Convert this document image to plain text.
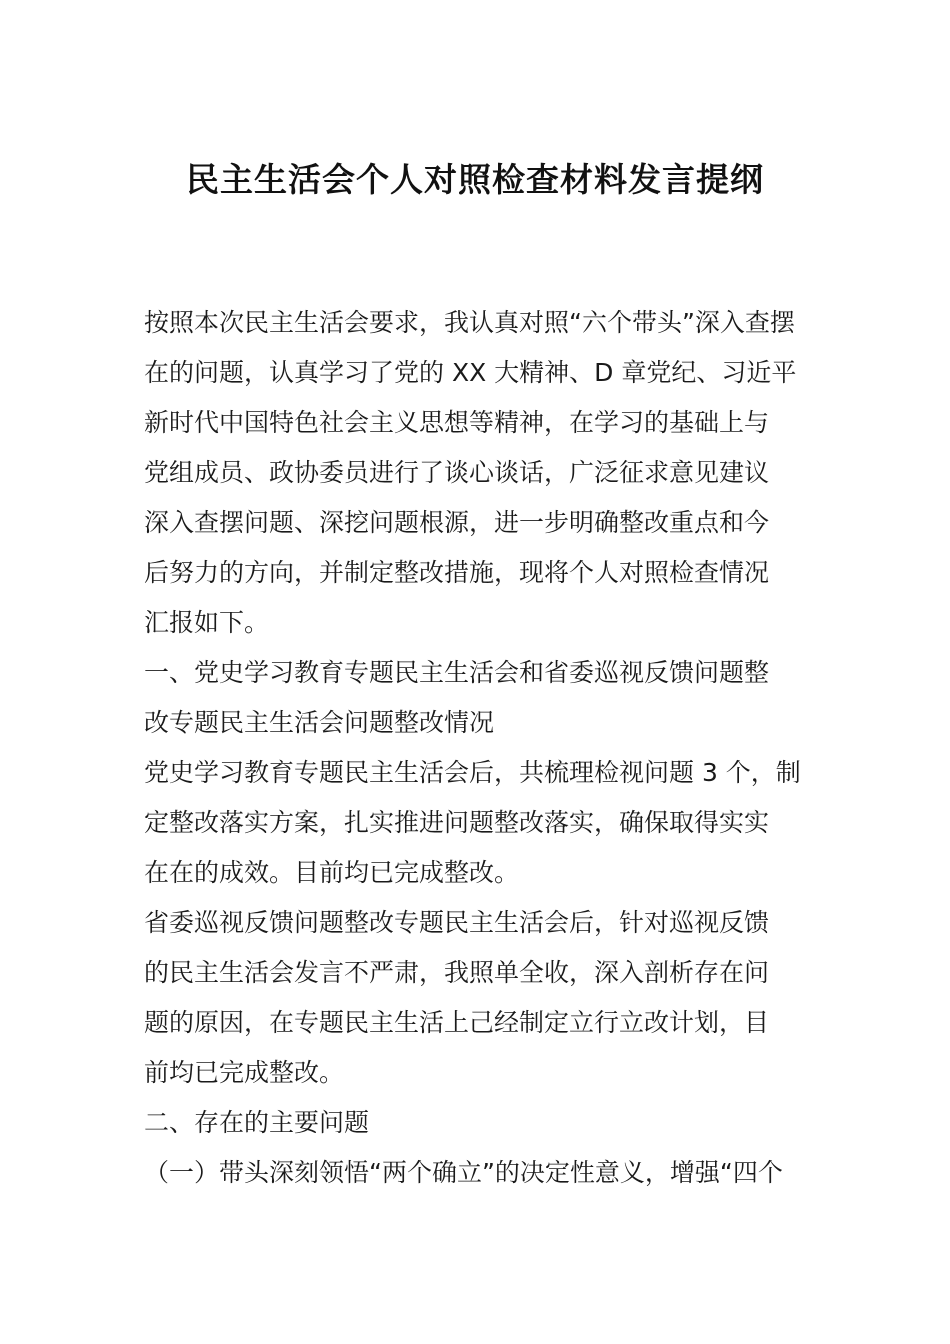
民主生活会个人对照检查材料发言提纲
按照本次民主生活会要求，我认真对照“六个带头”深入查摆
在的问题，认真学习了党的 XX 大精神、D 章党纪、习近平
新时代中国特色社会主义思想等精神，在学习的基础上与
党组成员、政协委员进行了谈心谈话，广泛征求意见建议
深入查摆问题、深挖问题根源，进一步明确整改重点和今
后努力的方向，并制定整改措施，现将个人对照检查情况
汇报如下。
一、党史学习教育专题民主生活会和省委巡视反馈问题整
改专题民主生活会问题整改情况
党史学习教育专题民主生活会后，共梳理检视问题 3 个，制
定整改落实方案，扎实推进问题整改落实，确保取得实实
在在的成效。目前均已完成整改。
省委巡视反馈问题整改专题民主生活会后，针对巡视反馈
的民主生活会发言不严肃，我照单全收，深入剖析存在问
题的原因，在专题民主生活上己经制定立行立改计划，目
前均已完成整改。
二、存在的主要问题
（一）带头深刻领悟“两个确立”的决定性意义，增强“四个
